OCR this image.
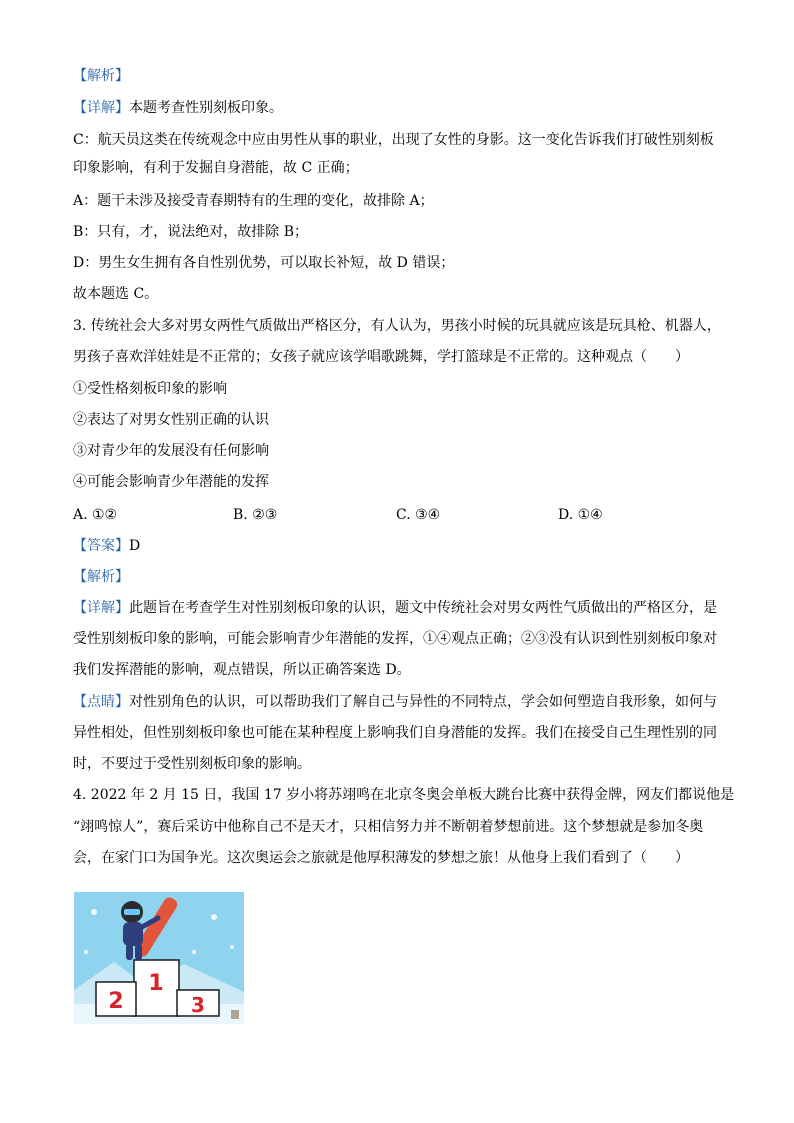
【解析】
【详解】本题考查性别刻板印象。
C：航天员这类在传统观念中应由男性从事的职业，出现了女性的身影。这一变化告诉我们打破性别刻板
印象影响，有利于发掘自身潜能，故 C 正确；
A：题干未涉及接受青春期特有的生理的变化，故排除 A；
B：只有，才，说法绝对，故排除 B；
D：男生女生拥有各自性别优势，可以取长补短，故 D 错误；
故本题选 C。
3. 传统社会大多对男女两性气质做出严格区分，有人认为，男孩小时候的玩具就应该是玩具枪、机器人，
男孩子喜欢洋娃娃是不正常的；女孩子就应该学唱歌跳舞，学打篮球是不正常的。这种观点（　　）
①受性格刻板印象的影响
②表达了对男女性别正确的认识
③对青少年的发展没有任何影响
④可能会影响青少年潜能的发挥
A. ①②	B. ②③	C. ③④	D. ①④
【答案】D
【解析】
【详解】此题旨在考查学生对性别刻板印象的认识，题文中传统社会对男女两性气质做出的严格区分，是
受性别刻板印象的影响，可能会影响青少年潜能的发挥，①④观点正确；②③没有认识到性别刻板印象对
我们发挥潜能的影响，观点错误，所以正确答案选 D。
【点睛】对性别角色的认识，可以帮助我们了解自己与异性的不同特点，学会如何塑造自我形象，如何与
异性相处，但性别刻板印象也可能在某种程度上影响我们自身潜能的发挥。我们在接受自己生理性别的同
时，不要过于受性别刻板印象的影响。
4. 2022 年 2 月 15 日，我国 17 岁小将苏翊鸣在北京冬奥会单板大跳台比赛中获得金牌，网友们都说他是
“翊鸣惊人”，赛后采访中他称自己不是天才，只相信努力并不断朝着梦想前进。这个梦想就是参加冬奥
会，在家门口为国争光。这次奥运会之旅就是他厚积薄发的梦想之旅！从他身上我们看到了（　　）
1
2	3
